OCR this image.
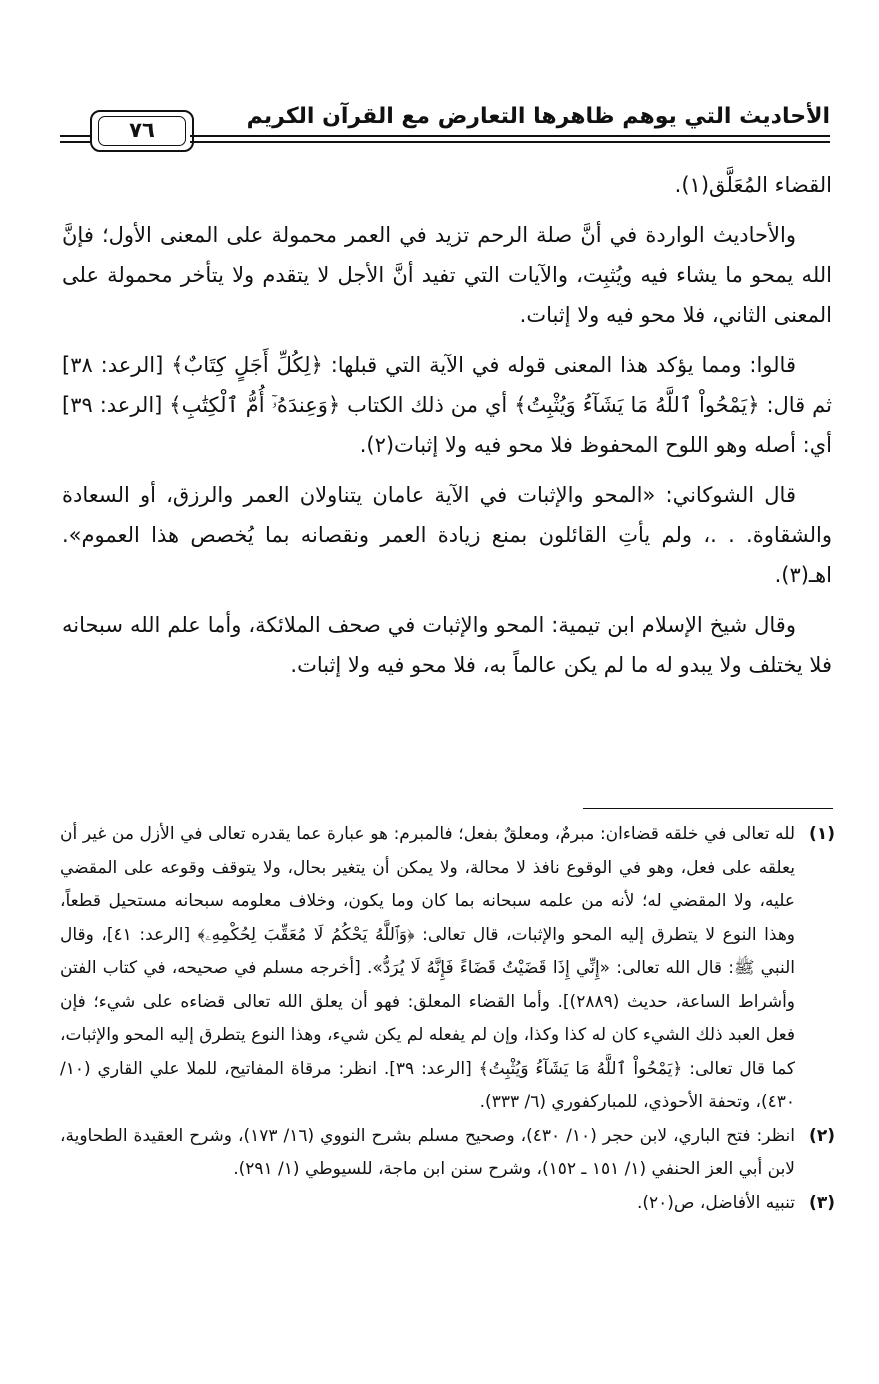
الأحاديث التي يوهم ظاهرها التعارض مع القرآن الكريم
٧٦

القضاء المُعَلَّق(١).

والأحاديث الواردة في أنَّ صلة الرحم تزيد في العمر محمولة على المعنى الأول؛ فإنَّ الله يمحو ما يشاء فيه ويُثبِت، والآيات التي تفيد أنَّ الأجل لا يتقدم ولا يتأخر محمولة على المعنى الثاني، فلا محو فيه ولا إثبات.

قالوا: ومما يؤكد هذا المعنى قوله في الآية التي قبلها: ﴿لِكُلِّ أَجَلٍ كِتَابٌ﴾ [الرعد: ٣٨] ثم قال: ﴿يَمْحُواْ ٱللَّهُ مَا يَشَآءُ وَيُثْبِتُ﴾ أي من ذلك الكتاب ﴿وَعِندَهُۥٓ أُمُّ ٱلْكِتَٰبِ﴾ [الرعد: ٣٩] أي: أصله وهو اللوح المحفوظ فلا محو فيه ولا إثبات(٢).

قال الشوكاني: «المحو والإثبات في الآية عامان يتناولان العمر والرزق، أو السعادة والشقاوة. . .، ولم يأتِ القائلون بمنع زيادة العمر ونقصانه بما يُخصص هذا العموم». اهـ(٣).

وقال شيخ الإسلام ابن تيمية: المحو والإثبات في صحف الملائكة، وأما علم الله سبحانه فلا يختلف ولا يبدو له ما لم يكن عالماً به، فلا محو فيه ولا إثبات.

(١)
لله تعالى في خلقه قضاءان: مبرمٌ، ومعلقٌ بفعل؛ فالمبرم: هو عبارة عما يقدره تعالى في الأزل من غير أن يعلقه على فعل، وهو في الوقوع نافذ لا محالة، ولا يمكن أن يتغير بحال، ولا يتوقف وقوعه على المقضي عليه، ولا المقضي له؛ لأنه من علمه سبحانه بما كان وما يكون، وخلاف معلومه سبحانه مستحيل قطعاً، وهذا النوع لا يتطرق إليه المحو والإثبات، قال تعالى: ﴿وَٱللَّهُ يَحْكُمُ لَا مُعَقِّبَ لِحُكْمِهِۦ﴾ [الرعد: ٤١]، وقال النبي ﷺ: قال الله تعالى: «إِنِّي إِذَا قَضَيْتُ قَضَاءً فَإِنَّهُ لَا يُرَدُّ». [أخرجه مسلم في صحيحه، في كتاب الفتن وأشراط الساعة، حديث (٢٨٨٩)]. وأما القضاء المعلق: فهو أن يعلق الله تعالى قضاءه على شيء؛ فإن فعل العبد ذلك الشيء كان له كذا وكذا، وإن لم يفعله لم يكن شيء، وهذا النوع يتطرق إليه المحو والإثبات، كما قال تعالى: ﴿يَمْحُواْ ٱللَّهُ مَا يَشَآءُ وَيُثْبِتُ﴾ [الرعد: ٣٩]. انظر: مرقاة المفاتيح، للملا علي القاري (١٠/ ٤٣٠)، وتحفة الأحوذي، للمباركفوري (٦/ ٣٣٣).
(٢)
انظر: فتح الباري، لابن حجر (١٠/ ٤٣٠)، وصحيح مسلم بشرح النووي (١٦/ ١٧٣)، وشرح العقيدة الطحاوية، لابن أبي العز الحنفي (١/ ١٥١ ـ ١٥٢)، وشرح سنن ابن ماجة، للسيوطي (١/ ٢٩١).
(٣)
تنبيه الأفاضل، ص(٢٠).
